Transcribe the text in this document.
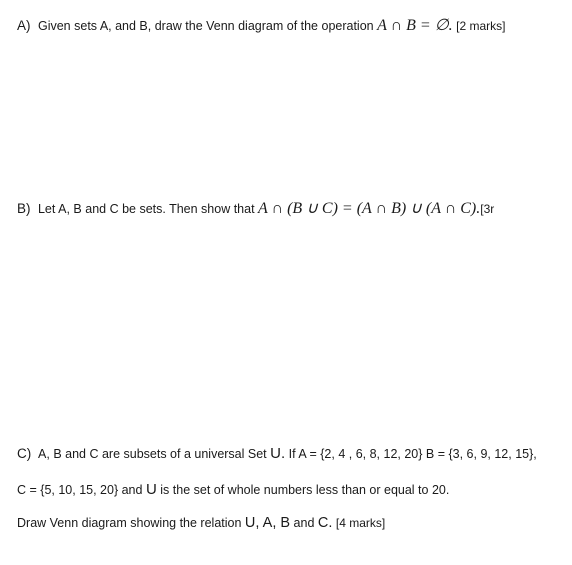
A) Given sets A, and B, draw the Venn diagram of the operation A ∩ B = ∅. [2 marks]
B) Let A, B and C be sets. Then show that A ∩ (B ∪ C) = (A ∩ B) ∪ (A ∩ C).[3r
C) A, B and C are subsets of a universal Set U. If A = {2, 4 , 6, 8, 12, 20} B = {3, 6, 9, 12, 15},
C = {5, 10, 15, 20} and U is the set of whole numbers less than or equal to 20.
Draw Venn diagram showing the relation U, A, B and C. [4 marks]
